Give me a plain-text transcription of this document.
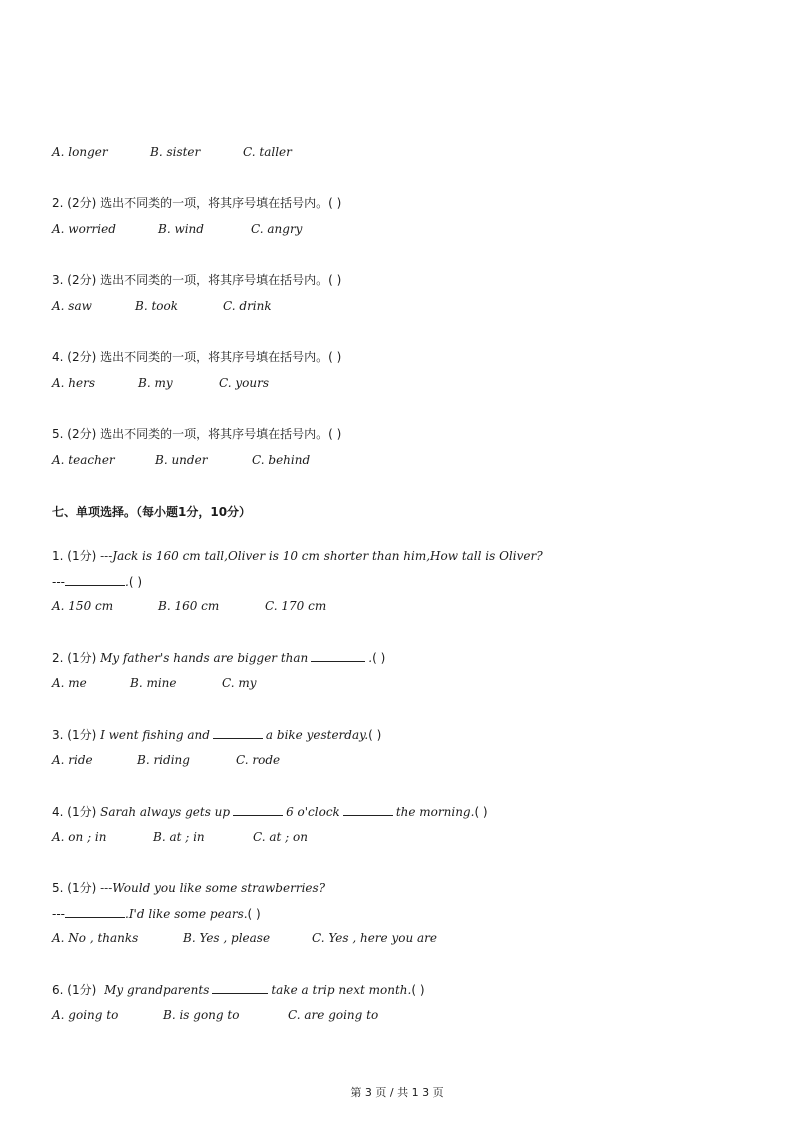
A. longer	B. sister	C. taller
2. (2分) 选出不同类的一项，将其序号填在括号内。( )
A. worried	B. wind	C. angry
3. (2分) 选出不同类的一项，将其序号填在括号内。( )
A. saw	B. took	C. drink
4. (2分) 选出不同类的一项，将其序号填在括号内。( )
A. hers	B. my	C. yours
5. (2分) 选出不同类的一项，将其序号填在括号内。( )
A. teacher	B. under	C. behind
七、单项选择。（每小题1分，10分）
1. (1分) ---Jack is 160 cm tall,Oliver is 10 cm shorter than him,How tall is Oliver?
---	.( )
A. 150 cm	B. 160 cm	C. 170 cm
2. (1分) My father's hands are bigger than	.( )
A. me	B. mine	C. my
3. (1分) I went fishing and	a bike yesterday.( )
A. ride	B. riding	C. rode
4. (1分) Sarah always gets up	6 o'clock	the morning.( )
A. on ; in	B. at ; in	C. at ; on
5. (1分) ---Would you like some strawberries?
---	.I'd like some pears.( )
A. No , thanks	B. Yes , please	C. Yes , here you are
6. (1分) My grandparents	take a trip next month.( )
A. going to	B. is gong to	C. are going to
第 3 页 / 共 1 3 页
